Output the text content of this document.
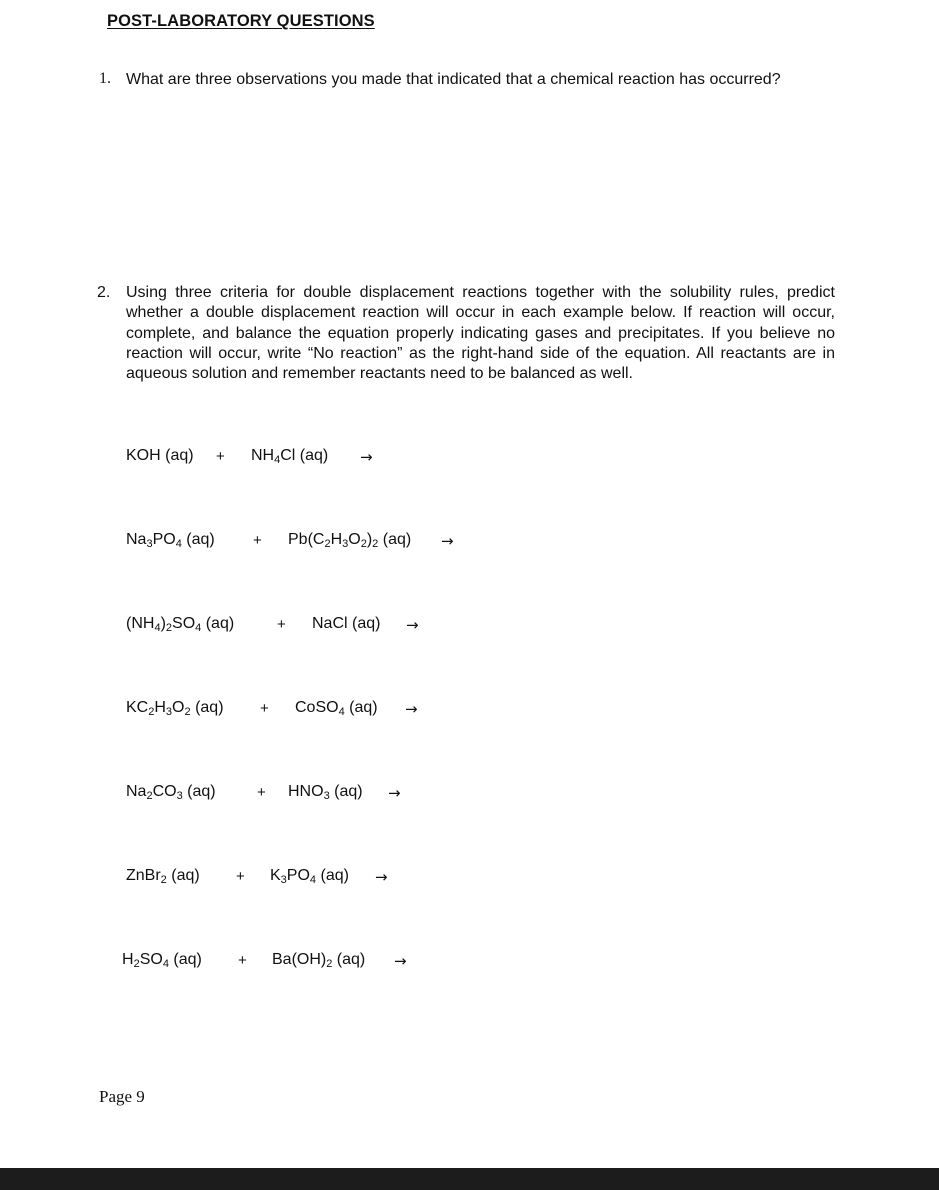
POST-LABORATORY QUESTIONS
1. What are three observations you made that indicated that a chemical reaction has occurred?
2. Using three criteria for double displacement reactions together with the solubility rules, predict whether a double displacement reaction will occur in each example below. If reaction will occur, complete, and balance the equation properly indicating gases and precipitates. If you believe no reaction will occur, write “No reaction” as the right-hand side of the equation. All reactants are in aqueous solution and remember reactants need to be balanced as well.
KOH $(aq) + NH_4Cl$ (aq) →
$Na_3PO_4$ (aq)	+ $Pb(C_2H_3O_2)_2$ (aq) →
$(NH_4)_2SO_4$ (aq)	+ NaCl (aq) →
$KC_2H_3O_2$ (aq) + CoSO$_4$ (aq) →
$Na_2CO_3$ (aq)	+ $HNO_3$ (aq) →
ZnBr$_2$ $(aq) + K_3PO_4$ (aq) →
$H_2SO_4$ $(aq) + Ba(OH)_2$ (aq) →
Page 9
